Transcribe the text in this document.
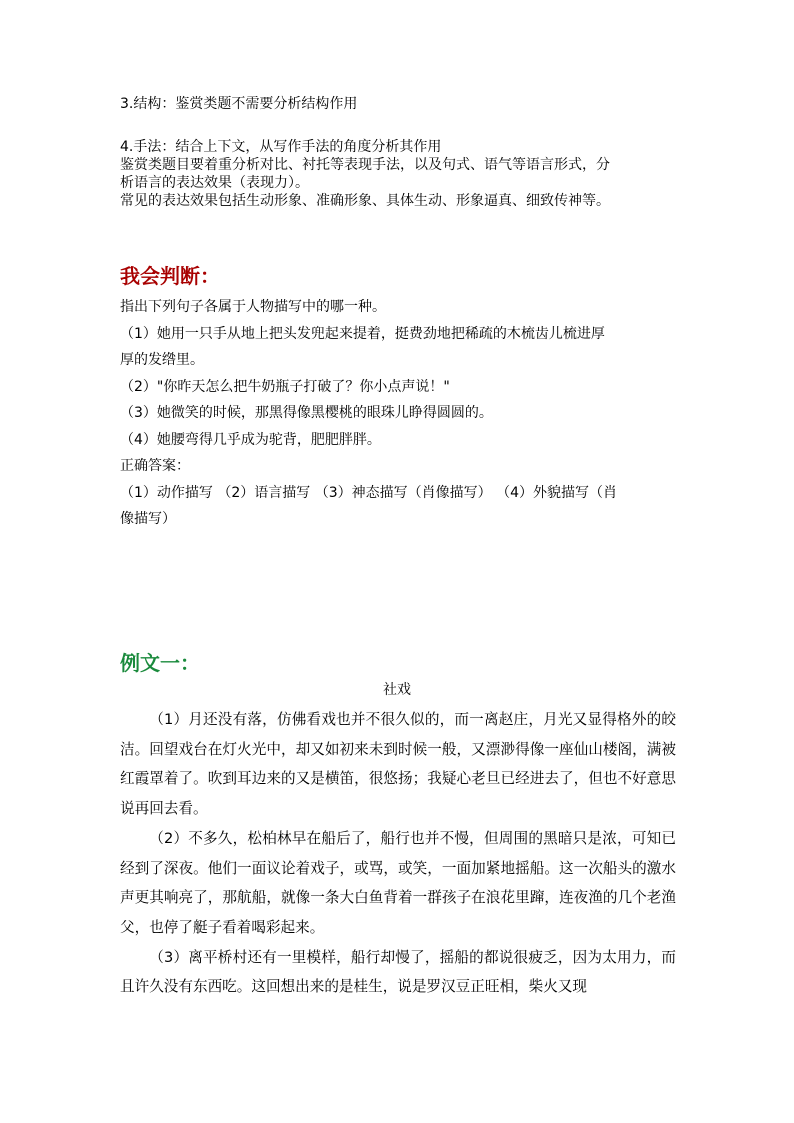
3.结构：鉴赏类题不需要分析结构作用
4.手法：结合上下文，从写作手法的角度分析其作用
鉴赏类题目要着重分析对比、衬托等表现手法，以及句式、语气等语言形式，分
析语言的表达效果（表现力）。
常见的表达效果包括生动形象、准确形象、具体生动、形象逼真、细致传神等。
我会判断：
指出下列句子各属于人物描写中的哪一种。
（1）她用一只手从地上把头发兜起来提着，挺费劲地把稀疏的木梳齿儿梳进厚
厚的发绺里。
（2）"你昨天怎么把牛奶瓶子打破了？你小点声说！"
（3）她微笑的时候，那黑得像黑樱桃的眼珠儿睁得圆圆的。
（4）她腰弯得几乎成为驼背，肥肥胖胖。
正确答案：
（1）动作描写 （2）语言描写 （3）神态描写（肖像描写） （4）外貌描写（肖
像描写）
例文一：
社戏

（1）月还没有落，仿佛看戏也并不很久似的，而一离赵庄，月光又显得格外的皎洁。回望戏台在灯火光中，却又如初来未到时候一般，又漂渺得像一座仙山楼阁，满被红霞罩着了。吹到耳边来的又是横笛，很悠扬；我疑心老旦已经进去了，但也不好意思说再回去看。

（2）不多久，松柏林早在船后了，船行也并不慢，但周围的黑暗只是浓，可知已经到了深夜。他们一面议论着戏子，或骂，或笑，一面加紧地摇船。这一次船头的激水声更其响亮了，那航船，就像一条大白鱼背着一群孩子在浪花里蹿，连夜渔的几个老渔父，也停了艇子看着喝彩起来。

（3）离平桥村还有一里模样，船行却慢了，摇船的都说很疲乏，因为太用力，而且许久没有东西吃。这回想出来的是桂生，说是罗汉豆正旺相，柴火又现
